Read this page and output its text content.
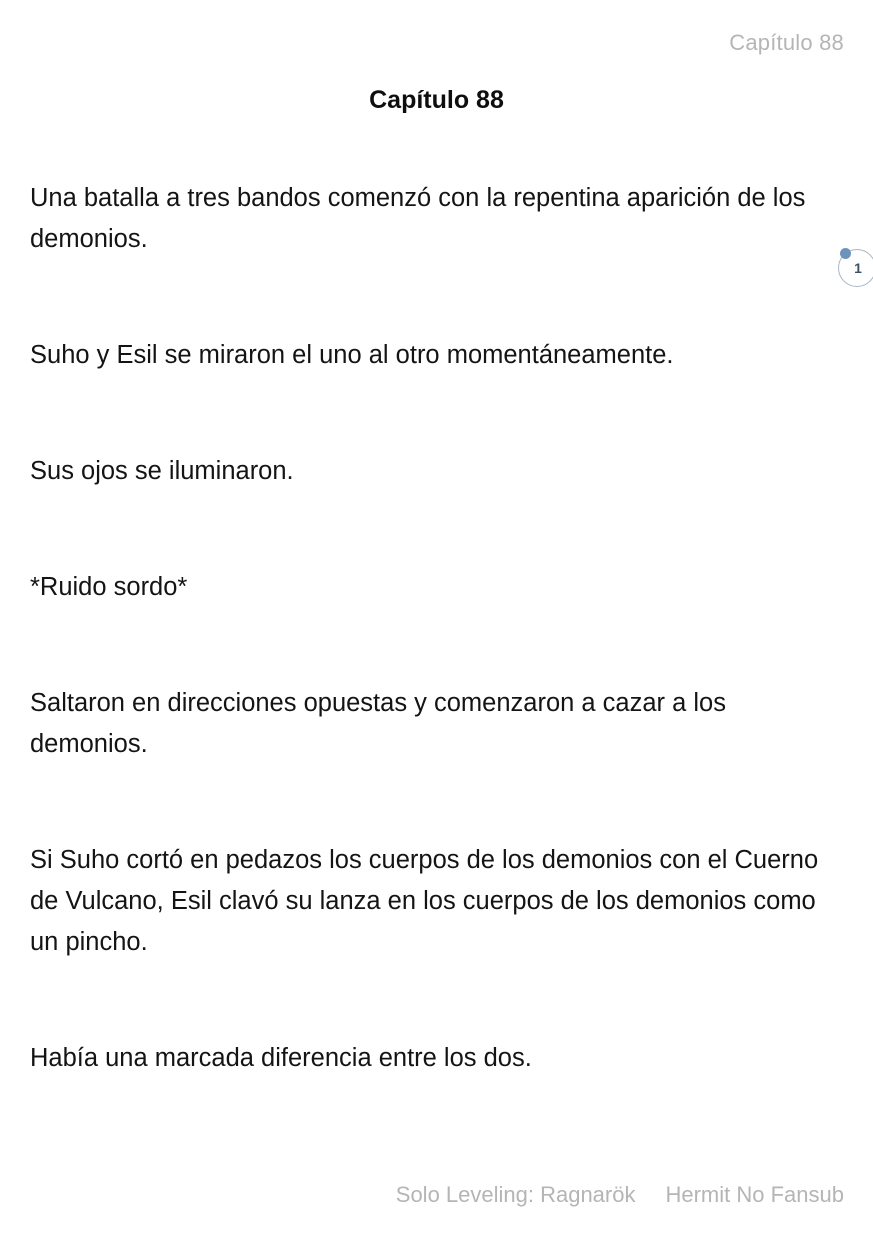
Capítulo 88
Capítulo 88

Una batalla a tres bandos comenzó con la repentina aparición de los demonios.

Suho y Esil se miraron el uno al otro momentáneamente.

Sus ojos se iluminaron.

*Ruido sordo*

Saltaron en direcciones opuestas y comenzaron a cazar a los demonios.

Si Suho cortó en pedazos los cuerpos de los demonios con el Cuerno de Vulcano, Esil clavó su lanza en los cuerpos de los demonios como un pincho.

Había una marcada diferencia entre los dos.

1
Solo Leveling: Ragnarök Hermit No Fansub
